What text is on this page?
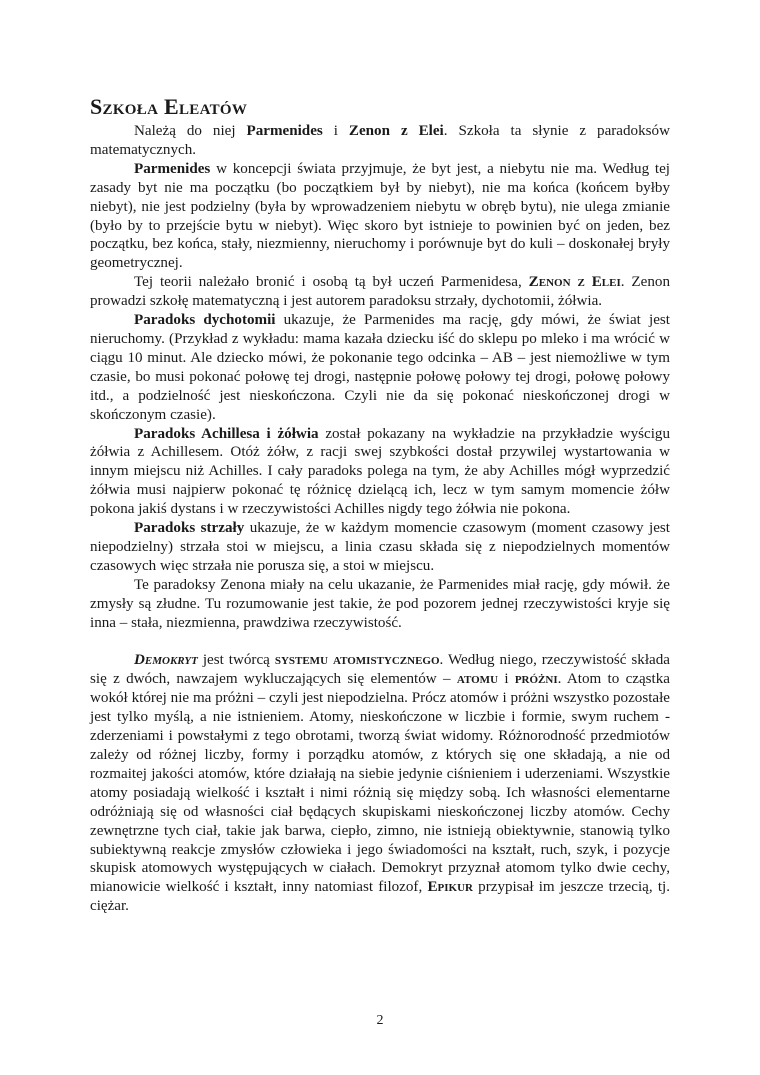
Szkoła Eleatów

Należą do niej Parmenides i Zenon z Elei. Szkoła ta słynie z paradoksów matematycznych.

Parmenides w koncepcji świata przyjmuje, że byt jest, a niebytu nie ma. Według tej zasady byt nie ma początku (bo początkiem był by niebyt), nie ma końca (końcem byłby niebyt), nie jest podzielny (była by wprowadzeniem niebytu w obręb bytu), nie ulega zmianie (było by to przejście bytu w niebyt). Więc skoro byt istnieje to powinien być on jeden, bez początku, bez końca, stały, niezmienny, nieruchomy i porównuje byt do kuli – doskonałej bryły geometrycznej.

Tej teorii należało bronić i osobą tą był uczeń Parmenidesa, Zenon z Elei. Zenon prowadzi szkołę matematyczną i jest autorem paradoksu strzały, dychotomii, żółwia.

Paradoks dychotomii ukazuje, że Parmenides ma rację, gdy mówi, że świat jest nieruchomy. (Przykład z wykładu: mama kazała dziecku iść do sklepu po mleko i ma wrócić w ciągu 10 minut. Ale dziecko mówi, że pokonanie tego odcinka – AB – jest niemożliwe w tym czasie, bo musi pokonać połowę tej drogi, następnie połowę połowy tej drogi, połowę połowy itd., a podzielność jest nieskończona. Czyli nie da się pokonać nieskończonej drogi w skończonym czasie).

Paradoks Achillesa i żółwia został pokazany na wykładzie na przykładzie wyścigu żółwia z Achillesem. Otóż żółw, z racji swej szybkości dostał przywilej wystartowania w innym miejscu niż Achilles. I cały paradoks polega na tym, że aby Achilles mógł wyprzedzić żółwia musi najpierw pokonać tę różnicę dzielącą ich, lecz w tym samym momencie żółw pokona jakiś dystans i w rzeczywistości Achilles nigdy tego żółwia nie pokona.

Paradoks strzały ukazuje, że w każdym momencie czasowym (moment czasowy jest niepodzielny) strzała stoi w miejscu, a linia czasu składa się z niepodzielnych momentów czasowych więc strzała nie porusza się, a stoi w miejscu.

Te paradoksy Zenona miały na celu ukazanie, że Parmenides miał rację, gdy mówił. że zmysły są złudne. Tu rozumowanie jest takie, że pod pozorem jednej rzeczywistości kryje się inna – stała, niezmienna, prawdziwa rzeczywistość.

Demokryt jest twórcą systemu atomistycznego. Według niego, rzeczywistość składa się z dwóch, nawzajem wykluczających się elementów – atomu i próżni. Atom to cząstka wokół której nie ma próżni – czyli jest niepodzielna. Prócz atomów i próżni wszystko pozostałe jest tylko myślą, a nie istnieniem. Atomy, nieskończone w liczbie i formie, swym ruchem - zderzeniami i powstałymi z tego obrotami, tworzą świat widomy. Różnorodność przedmiotów zależy od różnej liczby, formy i porządku atomów, z których się one składają, a nie od rozmaitej jakości atomów, które działają na siebie jedynie ciśnieniem i uderzeniami. Wszystkie atomy posiadają wielkość i kształt i nimi różnią się między sobą. Ich własności elementarne odróżniają się od własności ciał będących skupiskami nieskończonej liczby atomów. Cechy zewnętrzne tych ciał, takie jak barwa, ciepło, zimno, nie istnieją obiektywnie, stanowią tylko subiektywną reakcje zmysłów człowieka i jego świadomości na kształt, ruch, szyk, i pozycje skupisk atomowych występujących w ciałach. Demokryt przyznał atomom tylko dwie cechy, mianowicie wielkość i kształt, inny natomiast filozof, Epikur przypisał im jeszcze trzecią, tj. ciężar.

2
